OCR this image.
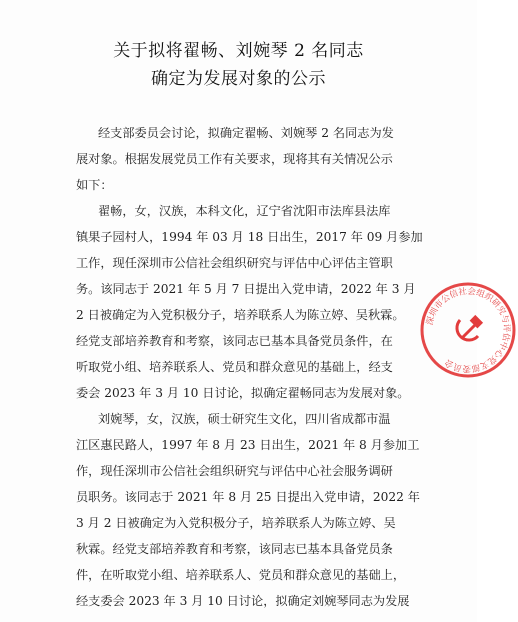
关于拟将翟畅、刘婉琴 2 名同志
确定为发展对象的公示
经支部委员会讨论，拟确定翟畅、刘婉琴 2 名同志为发
展对象。根据发展党员工作有关要求，现将其有关情况公示
如下：
翟畅，女，汉族，本科文化，辽宁省沈阳市法库县法库
镇果子园村人，1994 年 03 月 18 日出生，2017 年 09 月参加
工作，现任深圳市公信社会组织研究与评估中心评估主管职
务。该同志于 2021 年 5 月 7 日提出入党申请，2022 年 3 月
2 日被确定为入党积极分子，培养联系人为陈立婷、吴秋霖。
经党支部培养教育和考察，该同志已基本具备党员条件，在
听取党小组、培养联系人、党员和群众意见的基础上，经支
委会 2023 年 3 月 10 日讨论，拟确定翟畅同志为发展对象。
刘婉琴，女，汉族，硕士研究生文化，四川省成都市温
江区惠民路人，1997 年 8 月 23 日出生，2021 年 8 月参加工
作，现任深圳市公信社会组织研究与评估中心社会服务调研
员职务。该同志于 2021 年 8 月 25 日提出入党申请，2022 年
3 月 2 日被确定为入党积极分子，培养联系人为陈立婷、吴
秋霖。经党支部培养教育和考察，该同志已基本具备党员条
件，在听取党小组、培养联系人、党员和群众意见的基础上，
经支委会 2023 年 3 月 10 日讨论，拟确定刘婉琴同志为发展
深圳市公信社会组织研究与评估中心党支部委员会
